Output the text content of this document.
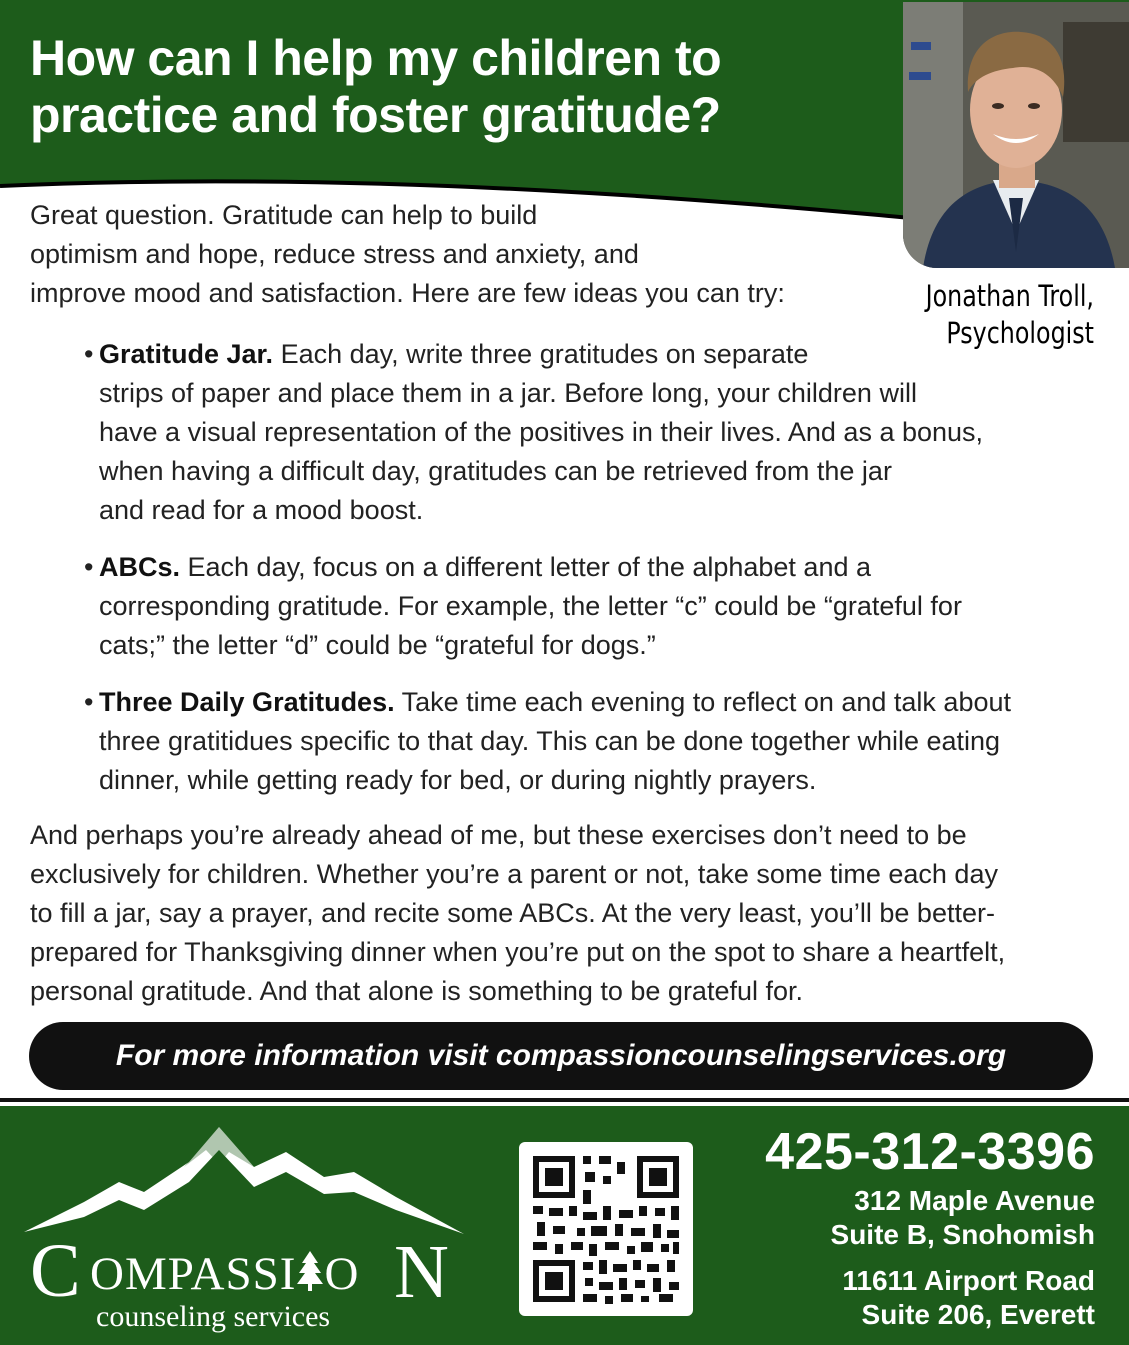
How can I help my children to practice and foster gratitude?

Jonathan Troll,
Psychologist

Great question. Gratitude can help to build
optimism and hope, reduce stress and anxiety, and
improve mood and satisfaction. Here are few ideas you can try:

• Gratitude Jar. Each day, write three gratitudes on separate
strips of paper and place them in a jar. Before long, your children will
have a visual representation of the positives in their lives. And as a bonus,
when having a difficult day, gratitudes can be retrieved from the jar
and read for a mood boost.
• ABCs. Each day, focus on a different letter of the alphabet and a
corresponding gratitude. For example, the letter “c” could be “grateful for
cats;” the letter “d” could be “grateful for dogs.”
• Three Daily Gratitudes. Take time each evening to reflect on and talk about
three gratitidues specific to that day. This can be done together while eating
dinner, while getting ready for bed, or during nightly prayers.

And perhaps you’re already ahead of me, but these exercises don’t need to be
exclusively for children. Whether you’re a parent or not, take some time each day
to fill a jar, say a prayer, and recite some ABCs. At the very least, you’ll be better-
prepared for Thanksgiving dinner when you’re put on the spot to share a heartfelt,
personal gratitude. And that alone is something to be grateful for.

For more information visit compassioncounselingservices.org
C OMPASSI O N
counseling services
425-312-3396
312 Maple Avenue
Suite B, Snohomish
11611 Airport Road
Suite 206, Everett
